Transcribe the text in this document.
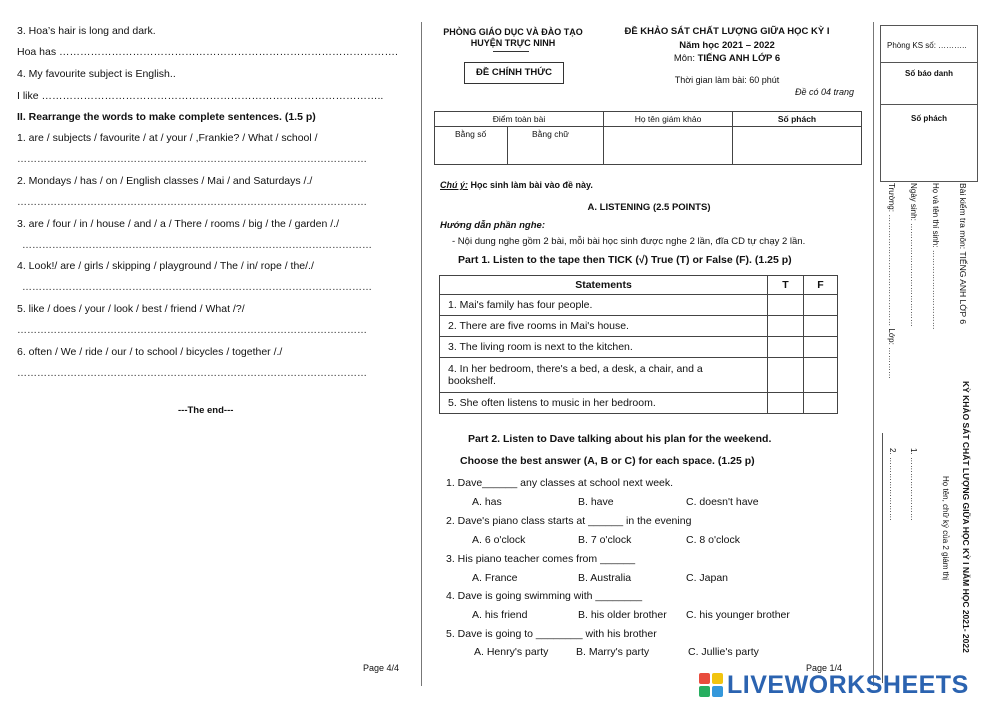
3. Hoa’s hair is long and dark.
Hoa has …………………………………………………………………………………….
4. My favourite subject is English..
I like ……………………………………………………………………………………..
II. Rearrange the words to make complete sentences. (1.5 p)
1. are / subjects / favourite / at / your / ,Frankie? / What / school /
……………………………………………………………………………………………
2. Mondays / has / on / English classes / Mai / and Saturdays /./
……………………………………………………………………………………………
3. are / four / in / house / and / a / There / rooms / big / the / garden /./
……………………………………………………………………………………………
4. Look!/ are / girls / skipping / playground / The / in/ rope / the/./
……………………………………………………………………………………………
5. like / does / your / look / best / friend / What /?/
……………………………………………………………………………………………
6. often / We / ride / our / to school / bicycles / together /./
……………………………………………………………………………………………
---The end---
Page 4/4
PHÒNG GIÁO DỤC VÀ ĐÀO TẠO
HUYỆN TRỰC NINH
ĐỀ CHÍNH THỨC
ĐỀ KHẢO SÁT CHẤT LƯỢNG GIỮA HỌC KỲ I
Năm học 2021 – 2022
Môn: TIẾNG ANH LỚP 6
Thời gian làm bài: 60 phút
Đề có 04 trang
Điểm toàn bài		Họ tên giám khảo	Số phách

Bằng số	Bằng chữ		

Chú ý: Học sinh làm bài vào đề này.
A. LISTENING (2.5 POINTS)
Hướng dẫn phần nghe:
- Nội dung nghe gồm 2 bài, mỗi bài học sinh được nghe 2 lần, đĩa CD tự chạy 2 lần.
Part 1. Listen to the tape then TICK (√) True (T) or False (F). (1.25 p)
Statements	T	F
1. Mai's family has four people.		
2. There are five rooms in Mai's house.		
3. The living room is next to the kitchen.		
4. In her bedroom, there's a bed, a desk, a chair, and a bookshelf.		
5. She often listens to music in her bedroom.		
Part 2. Listen to Dave talking about his plan for the weekend.
Choose the best answer (A, B or C) for each space. (1.25 p)
1. Dave______ any classes at school next week.
A. has	B. have	C. doesn't have
2. Dave's piano class starts at ______ in the evening
A. 6 o'clock	B. 7 o'clock	C. 8 o'clock
3. His piano teacher comes from ______
A. France	B. Australia	C. Japan
4. Dave is going swimming with ________
A. his friend	B. his older brother C. his younger brother
5. Dave is going to ________ with his brother
A. Henry's party	B. Marry's party	C. Jullie's party
Page 1/4
Phòng KS số: ………..
Số báo danh
Số phách
Bài kiểm tra môn: TIẾNG ANH LỚP 6
Họ và tên thí sinh: …………………………
Ngày sinh: …………………………………
Trường: …………………………………… Lớp: …………
KỲ KHẢO SÁT CHẤT LƯỢNG GIỮA HỌC KỲ I NĂM HỌC 2021- 2022
Họ tên, chữ ký của 2 giám thị
1. ……………………
2. ……………………
LIVEWORKSHEETS
